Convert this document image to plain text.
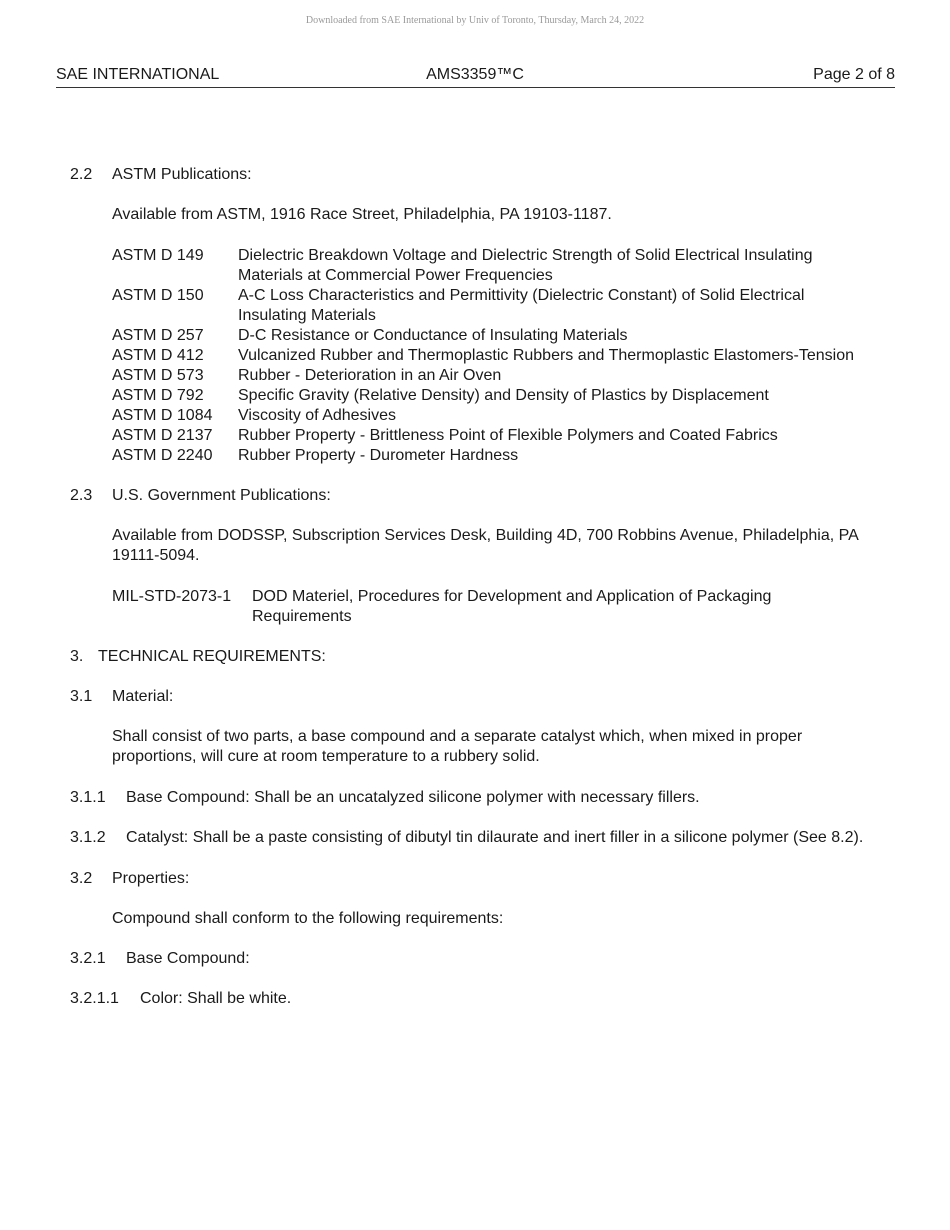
Downloaded from SAE International by Univ of Toronto, Thursday, March 24, 2022
SAE INTERNATIONAL	AMS3359™C	Page 2 of 8
2.2 ASTM Publications:
Available from ASTM, 1916 Race Street, Philadelphia, PA 19103-1187.
ASTM D 149	Dielectric Breakdown Voltage and Dielectric Strength of Solid Electrical Insulating Materials at Commercial Power Frequencies
ASTM D 150	A-C Loss Characteristics and Permittivity (Dielectric Constant) of Solid Electrical Insulating Materials
ASTM D 257	D-C Resistance or Conductance of Insulating Materials
ASTM D 412	Vulcanized Rubber and Thermoplastic Rubbers and Thermoplastic Elastomers-Tension
ASTM D 573	Rubber - Deterioration in an Air Oven
ASTM D 792	Specific Gravity (Relative Density) and Density of Plastics by Displacement
ASTM D 1084	Viscosity of Adhesives
ASTM D 2137	Rubber Property - Brittleness Point of Flexible Polymers and Coated Fabrics
ASTM D 2240	Rubber Property - Durometer Hardness
2.3 U.S. Government Publications:
Available from DODSSP, Subscription Services Desk, Building 4D, 700 Robbins Avenue, Philadelphia, PA 19111-5094.
MIL-STD-2073-1	DOD Materiel, Procedures for Development and Application of Packaging Requirements
3. TECHNICAL REQUIREMENTS:
3.1 Material:
Shall consist of two parts, a base compound and a separate catalyst which, when mixed in proper proportions, will cure at room temperature to a rubbery solid.
3.1.1	Base Compound: Shall be an uncatalyzed silicone polymer with necessary fillers.
3.1.2	Catalyst: Shall be a paste consisting of dibutyl tin dilaurate and inert filler in a silicone polymer (See 8.2).
3.2 Properties:
Compound shall conform to the following requirements:
3.2.1 Base Compound:
3.2.1.1	Color: Shall be white.
